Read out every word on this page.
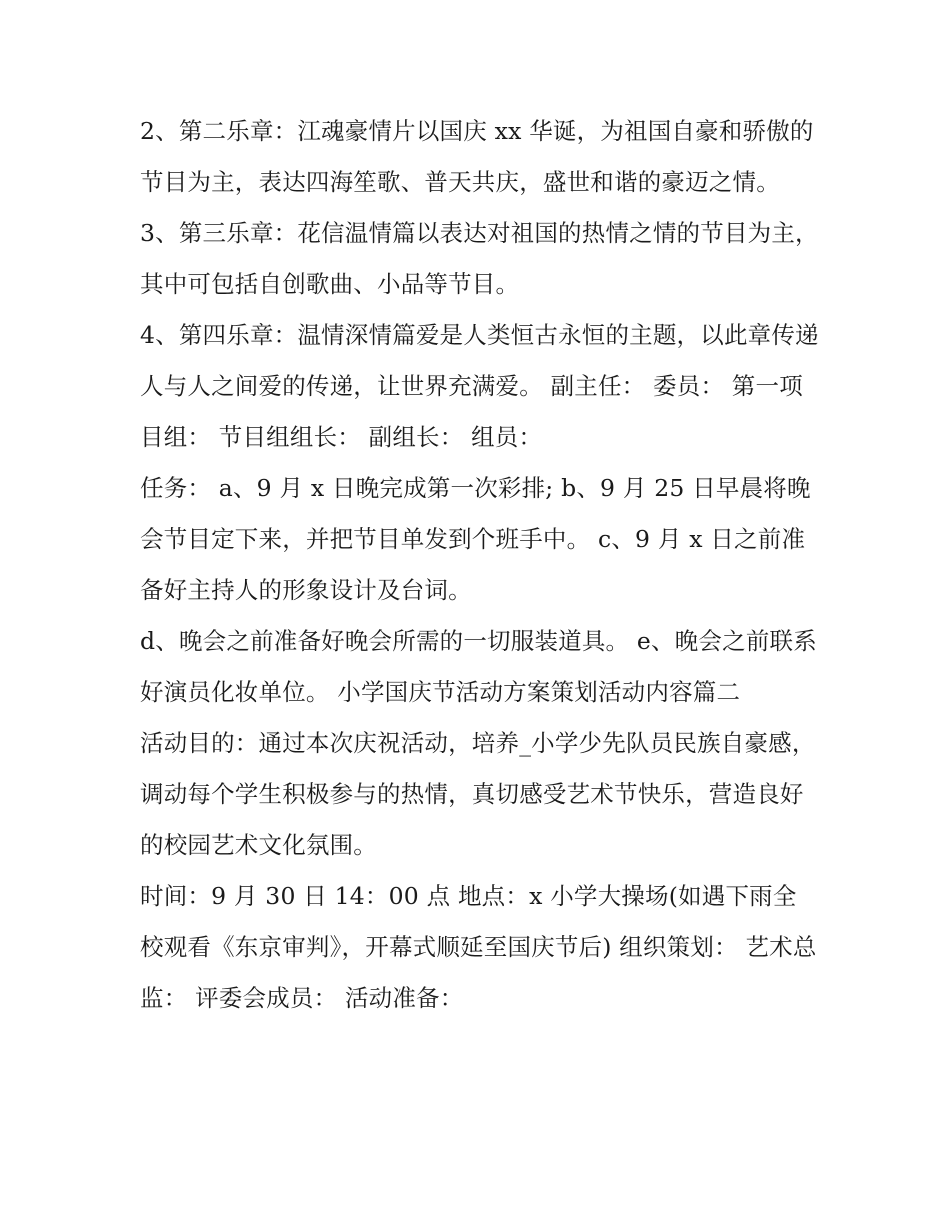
2、第二乐章：江魂豪情片以国庆 xx 华诞，为祖国自豪和骄傲的节目为主，表达四海笙歌、普天共庆，盛世和谐的豪迈之情。

3、第三乐章：花信温情篇以表达对祖国的热情之情的节目为主，其中可包括自创歌曲、小品等节目。

4、第四乐章：温情深情篇爱是人类恒古永恒的主题，以此章传递人与人之间爱的传递，让世界充满爱。 副主任： 委员： 第一项目组： 节目组组长： 副组长： 组员：

任务： a、9 月 x 日晚完成第一次彩排; b、9 月 25 日早晨将晚会节目定下来，并把节目单发到个班手中。 c、9 月 x 日之前准备好主持人的形象设计及台词。

d、晚会之前准备好晚会所需的一切服装道具。 e、晚会之前联系好演员化妆单位。 小学国庆节活动方案策划活动内容篇二

活动目的：通过本次庆祝活动，培养_小学少先队员民族自豪感，调动每个学生积极参与的热情，真切感受艺术节快乐，营造良好的校园艺术文化氛围。

时间：9 月 30 日 14：00 点 地点：x 小学大操场(如遇下雨全校观看《东京审判》，开幕式顺延至国庆节后) 组织策划： 艺术总监： 评委会成员： 活动准备：
